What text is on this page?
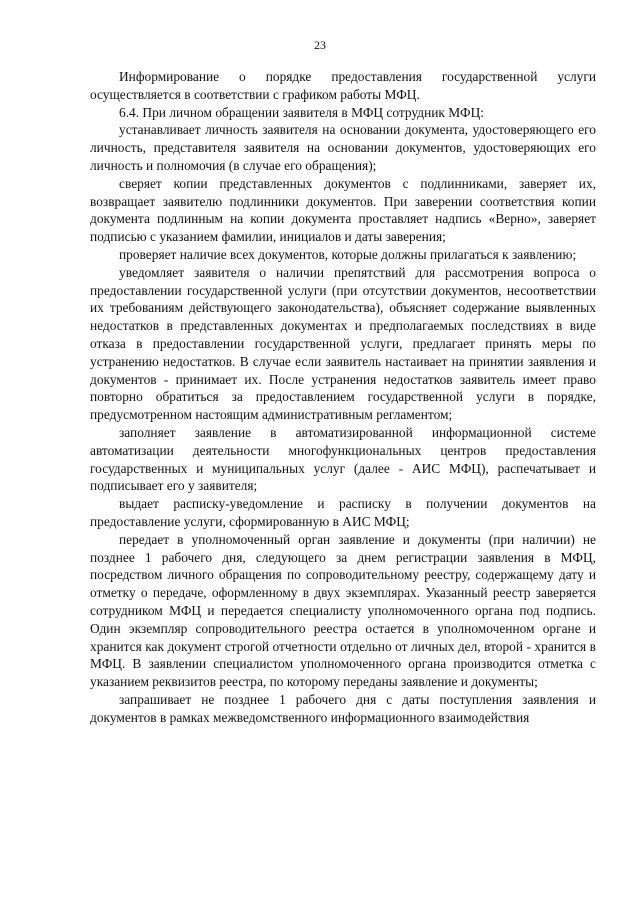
23

Информирование о порядке предоставления государственной услуги осуществляется в соответствии с графиком работы МФЦ.

6.4. При личном обращении заявителя в МФЦ сотрудник МФЦ:

устанавливает личность заявителя на основании документа, удостоверяющего его личность, представителя заявителя на основании документов, удостоверяющих его личность и полномочия (в случае его обращения);

сверяет копии представленных документов с подлинниками, заверяет их, возвращает заявителю подлинники документов. При заверении соответствия копии документа подлинным на копии документа проставляет надпись «Верно», заверяет подписью с указанием фамилии, инициалов и даты заверения;

проверяет наличие всех документов, которые должны прилагаться к заявлению;

уведомляет заявителя о наличии препятствий для рассмотрения вопроса о предоставлении государственной услуги (при отсутствии документов, несоответствии их требованиям действующего законодательства), объясняет содержание выявленных недостатков в представленных документах и предполагаемых последствиях в виде отказа в предоставлении государственной услуги, предлагает принять меры по устранению недостатков. В случае если заявитель настаивает на принятии заявления и документов - принимает их. После устранения недостатков заявитель имеет право повторно обратиться за предоставлением государственной услуги в порядке, предусмотренном настоящим административным регламентом;

заполняет заявление в автоматизированной информационной системе автоматизации деятельности многофункциональных центров предоставления государственных и муниципальных услуг (далее - АИС МФЦ), распечатывает и подписывает его у заявителя;

выдает расписку-уведомление и расписку в получении документов на предоставление услуги, сформированную в АИС МФЦ;

передает в уполномоченный орган заявление и документы (при наличии) не позднее 1 рабочего дня, следующего за днем регистрации заявления в МФЦ, посредством личного обращения по сопроводительному реестру, содержащему дату и отметку о передаче, оформленному в двух экземплярах. Указанный реестр заверяется сотрудником МФЦ и передается специалисту уполномоченного органа под подпись. Один экземпляр сопроводительного реестра остается в уполномоченном органе и хранится как документ строгой отчетности отдельно от личных дел, второй - хранится в МФЦ. В заявлении специалистом уполномоченного органа производится отметка с указанием реквизитов реестра, по которому переданы заявление и документы;

запрашивает не позднее 1 рабочего дня с даты поступления заявления и документов в рамках межведомственного информационного взаимодействия
